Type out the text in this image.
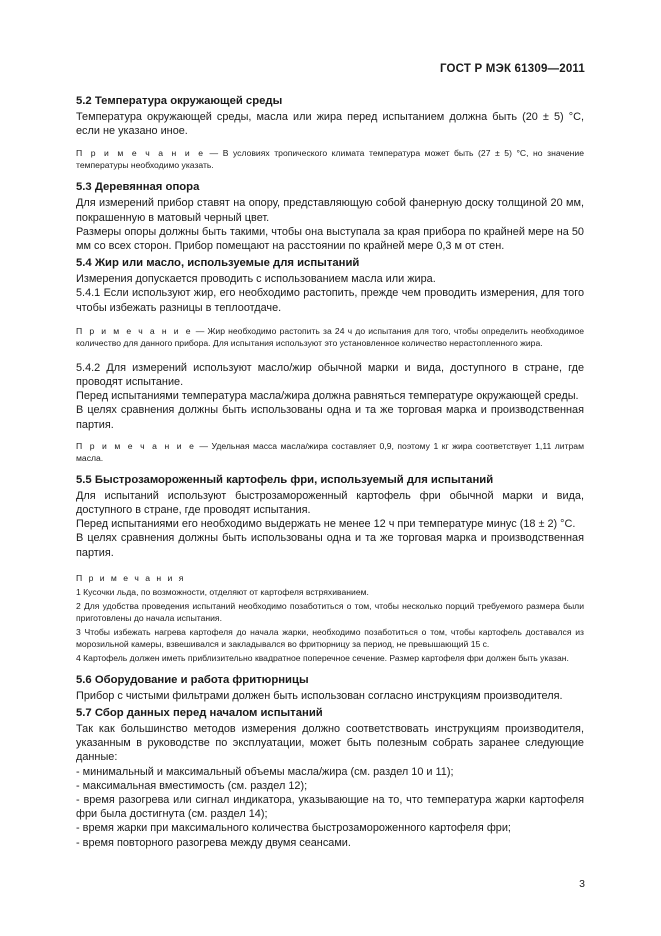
ГОСТ Р МЭК 61309—2011
5.2 Температура окружающей среды

Температура окружающей среды, масла или жира перед испытанием должна быть (20 ± 5) °С, если не указано иное.

П р и м е ч а н и е — В условиях тропического климата температура может быть (27 ± 5) °С, но значение температуры необходимо указать.

5.3 Деревянная опора

Для измерений прибор ставят на опору, представляющую собой фанерную доску толщиной 20 мм, покрашенную в матовый черный цвет.

Размеры опоры должны быть такими, чтобы она выступала за края прибора по крайней мере на 50 мм со всех сторон. Прибор помещают на расстоянии по крайней мере 0,3 м от стен.

5.4 Жир или масло, используемые для испытаний

Измерения допускается проводить с использованием масла или жира.

5.4.1 Если используют жир, его необходимо растопить, прежде чем проводить измерения, для того чтобы избежать разницы в теплоотдаче.

П р и м е ч а н и е — Жир необходимо растопить за 24 ч до испытания для того, чтобы определить необходимое количество для данного прибора. Для испытания используют это установленное количество нерастопленного жира.

5.4.2 Для измерений используют масло/жир обычной марки и вида, доступного в стране, где проводят испытание.

Перед испытаниями температура масла/жира должна равняться температуре окружающей среды.

В целях сравнения должны быть использованы одна и та же торговая марка и производственная партия.

П р и м е ч а н и е — Удельная масса масла/жира составляет 0,9, поэтому 1 кг жира соответствует 1,11 литрам масла.

5.5 Быстрозамороженный картофель фри, используемый для испытаний

Для испытаний используют быстрозамороженный картофель фри обычной марки и вида, доступного в стране, где проводят испытания.

Перед испытаниями его необходимо выдержать не менее 12 ч при температуре минус (18 ± 2) °С.

В целях сравнения должны быть использованы одна и та же торговая марка и производственная партия.

П р и м е ч а н и я

1 Кусочки льда, по возможности, отделяют от картофеля встряхиванием.

2 Для удобства проведения испытаний необходимо позаботиться о том, чтобы несколько порций требуемого размера были приготовлены до начала испытания.

3 Чтобы избежать нагрева картофеля до начала жарки, необходимо позаботиться о том, чтобы картофель доставался из морозильной камеры, взвешивался и закладывался во фритюрницу за период, не превышающий 15 с.

4 Картофель должен иметь приблизительно квадратное поперечное сечение. Размер картофеля фри должен быть указан.

5.6 Оборудование и работа фритюрницы

Прибор с чистыми фильтрами должен быть использован согласно инструкциям производителя.

5.7 Сбор данных перед началом испытаний

Так как большинство методов измерения должно соответствовать инструкциям производителя, указанным в руководстве по эксплуатации, может быть полезным собрать заранее следующие данные:

- минимальный и максимальный объемы масла/жира (см. раздел 10 и 11);
- максимальная вместимость (см. раздел 12);
- время разогрева или сигнал индикатора, указывающие на то, что температура жарки картофеля фри была достигнута (см. раздел 14);
- время жарки при максимального количества быстрозамороженного картофеля фри;
- время повторного разогрева между двумя сеансами.
3
